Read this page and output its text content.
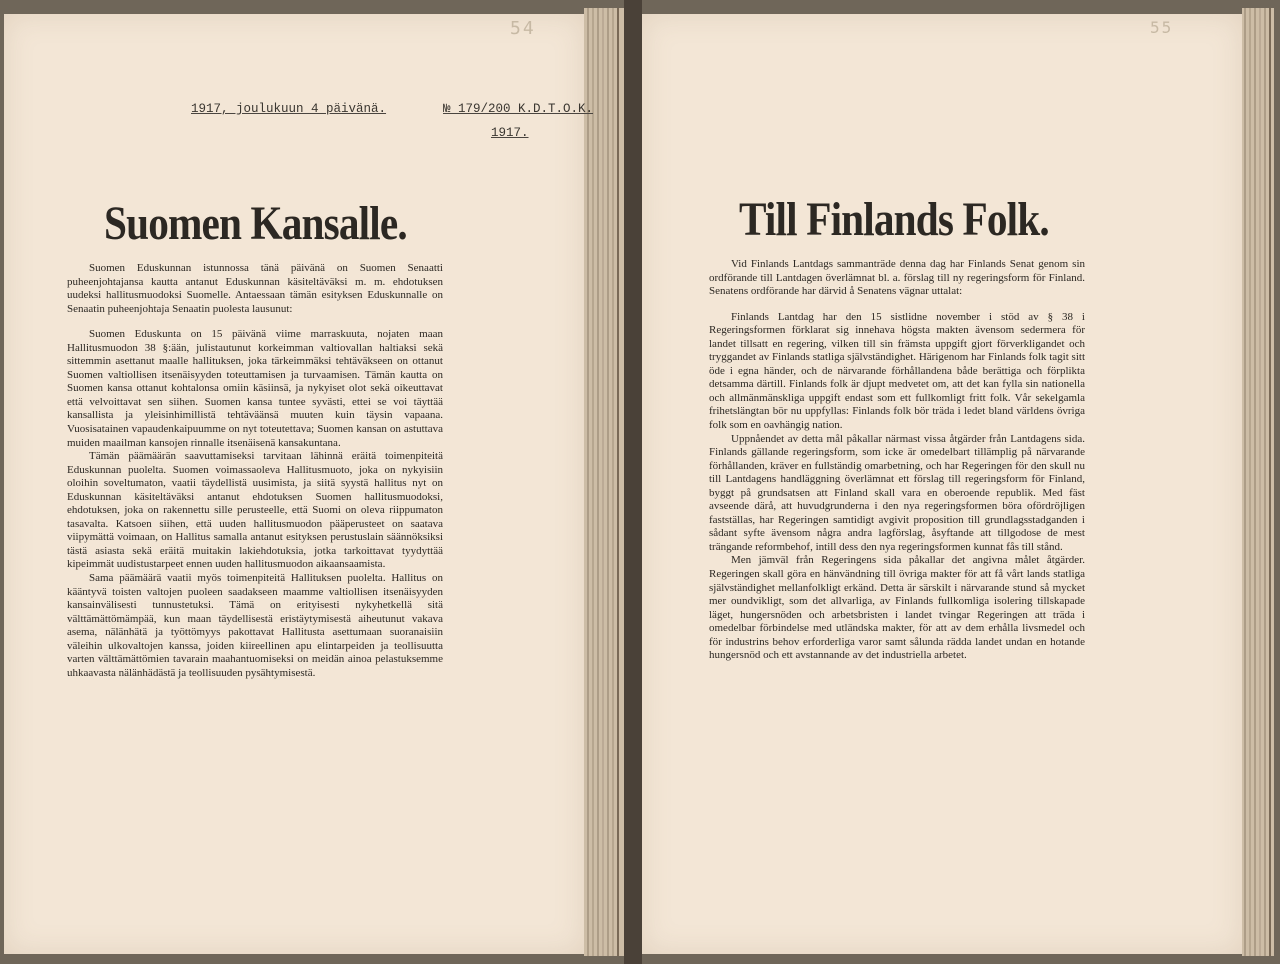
54	55
1917, joulukuun 4 päivänä.	№ 179/200 K.D.T.O.K.
1917.
Suomen Kansalle.

Suomen Eduskunnan istunnossa tänä päivänä on Suomen Senaatti puheenjohtajansa kautta antanut Eduskunnan käsiteltäväksi m. m. ehdotuksen uudeksi hallitusmuodoksi Suomelle. Antaessaan tämän esityksen Eduskunnalle on Senaatin puheenjohtaja Senaatin puolesta lausunut:

Suomen Eduskunta on 15 päivänä viime marraskuuta, nojaten maan Hallitusmuodon 38 §:ään, julistautunut korkeimman valtiovallan haltiaksi sekä sittemmin asettanut maalle hallituksen, joka tärkeimmäksi tehtäväkseen on ottanut Suomen valtiollisen itsenäisyyden toteuttamisen ja turvaamisen. Tämän kautta on Suomen kansa ottanut kohtalonsa omiin käsiinsä, ja nykyiset olot sekä oikeuttavat että velvoittavat sen siihen. Suomen kansa tuntee syvästi, ettei se voi täyttää kansallista ja yleisinhimillistä tehtäväänsä muuten kuin täysin vapaana. Vuosisatainen vapaudenkaipuumme on nyt toteutettava; Suomen kansan on astuttava muiden maailman kansojen rinnalle itsenäisenä kansakuntana.

Tämän päämäärän saavuttamiseksi tarvitaan lähinnä eräitä toimenpiteitä Eduskunnan puolelta. Suomen voimassaoleva Hallitusmuoto, joka on nykyisiin oloihin soveltumaton, vaatii täydellistä uusimista, ja siitä syystä hallitus nyt on Eduskunnan käsiteltäväksi antanut ehdotuksen Suomen hallitusmuodoksi, ehdotuksen, joka on rakennettu sille perusteelle, että Suomi on oleva riippumaton tasavalta. Katsoen siihen, että uuden hallitusmuodon pääperusteet on saatava viipymättä voimaan, on Hallitus samalla antanut esityksen perustuslain säännöksiksi tästä asiasta sekä eräitä muitakin lakiehdotuksia, jotka tarkoittavat tyydyttää kipeimmät uudistustarpeet ennen uuden hallitusmuodon aikaansaamista.

Sama päämäärä vaatii myös toimenpiteitä Hallituksen puolelta. Hallitus on kääntyvä toisten valtojen puoleen saadakseen maamme valtiollisen itsenäisyyden kansainvälisesti tunnustetuksi. Tämä on erityisesti nykyhetkellä sitä välttämättömämpää, kun maan täydellisestä eristäytymisestä aiheutunut vakava asema, nälänhätä ja työttömyys pakottavat Hallitusta asettumaan suoranaisiin väleihin ulkovaltojen kanssa, joiden kiireellinen apu elintarpeiden ja teollisuutta varten välttämättömien tavarain maahantuomiseksi on meidän ainoa pelastuksemme uhkaavasta nälänhädästä ja teollisuuden pysähtymisestä.

Till Finlands Folk.

Vid Finlands Lantdags sammanträde denna dag har Finlands Senat genom sin ordförande till Lantdagen överlämnat bl. a. förslag till ny regeringsform för Finland. Senatens ordförande har därvid å Senatens vägnar uttalat:

Finlands Lantdag har den 15 sistlidne november i stöd av § 38 i Regeringsformen förklarat sig innehava högsta makten ävensom sedermera för landet tillsatt en regering, vilken till sin främsta uppgift gjort förverkligandet och tryggandet av Finlands statliga självständighet. Härigenom har Finlands folk tagit sitt öde i egna händer, och de närvarande förhållandena både berättiga och förplikta detsamma därtill. Finlands folk är djupt medvetet om, att det kan fylla sin nationella och allmänmänskliga uppgift endast som ett fullkomligt fritt folk. Vår sekelgamla frihetslängtan bör nu uppfyllas: Finlands folk bör träda i ledet bland världens övriga folk som en oavhängig nation.

Uppnåendet av detta mål påkallar närmast vissa åtgärder från Lantdagens sida. Finlands gällande regeringsform, som icke är omedelbart tillämplig på närvarande förhållanden, kräver en fullständig omarbetning, och har Regeringen för den skull nu till Lantdagens handläggning överlämnat ett förslag till regeringsform för Finland, byggt på grundsatsen att Finland skall vara en oberoende republik. Med fäst avseende därå, att huvudgrunderna i den nya regeringsformen böra ofördröjligen fastställas, har Regeringen samtidigt avgivit proposition till grundlagsstadganden i sådant syfte ävensom några andra lagförslag, åsyftande att tillgodose de mest trängande reformbehof, intill dess den nya regeringsformen kunnat fås till stånd.

Men jämväl från Regeringens sida påkallar det angivna målet åtgärder. Regeringen skall göra en hänvändning till övriga makter för att få vårt lands statliga självständighet mellanfolkligt erkänd. Detta är särskilt i närvarande stund så mycket mer oundvikligt, som det allvarliga, av Finlands fullkomliga isolering tillskapade läget, hungersnöden och arbetsbristen i landet tvingar Regeringen att träda i omedelbar förbindelse med utländska makter, för att av dem erhålla livsmedel och för industrins behov erforderliga varor samt sålunda rädda landet undan en hotande hungersnöd och ett avstannande av det industriella arbetet.
